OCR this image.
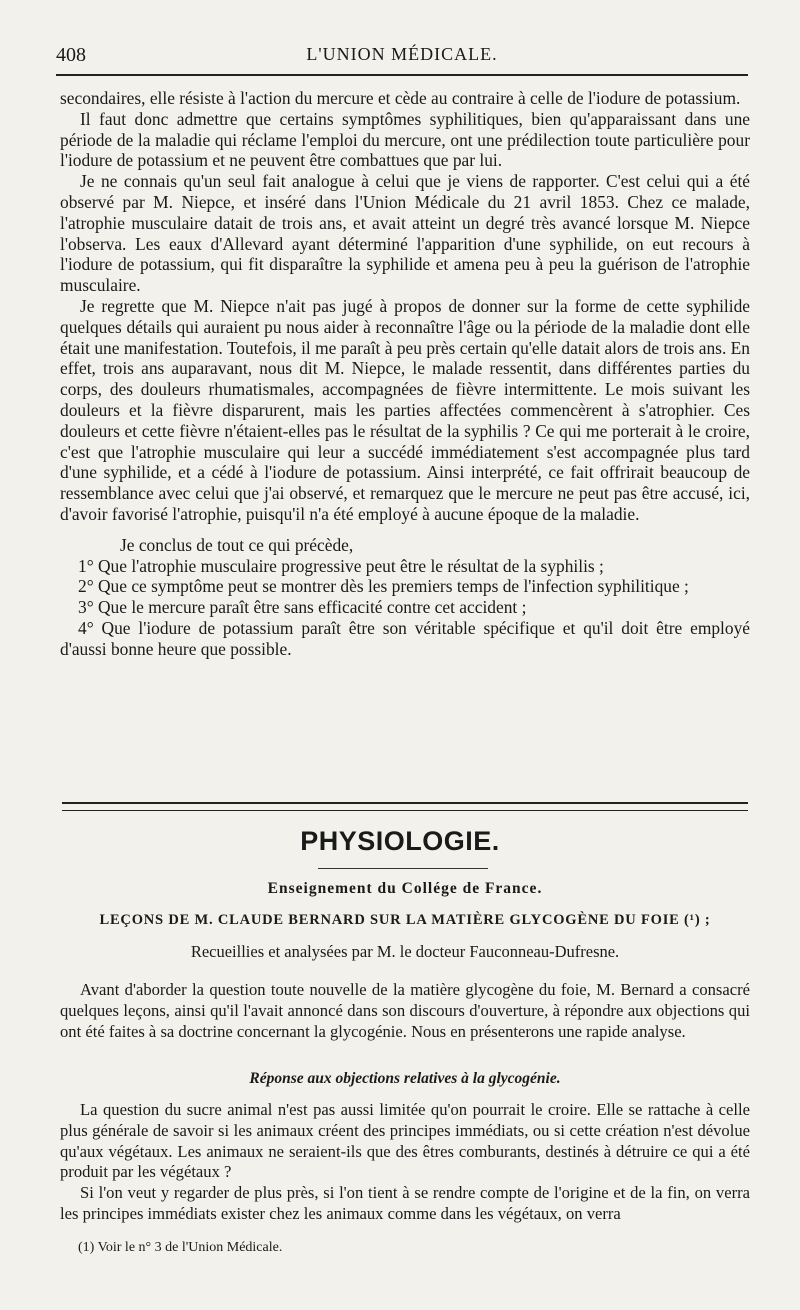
408	L'UNION MÉDICALE.

secondaires, elle résiste à l'action du mercure et cède au contraire à celle de l'iodure de potassium.

Il faut donc admettre que certains symptômes syphilitiques, bien qu'apparaissant dans une période de la maladie qui réclame l'emploi du mercure, ont une prédilection toute particulière pour l'iodure de potassium et ne peuvent être combattues que par lui.

Je ne connais qu'un seul fait analogue à celui que je viens de rapporter. C'est celui qui a été observé par M. Niepce, et inséré dans l'Union Médicale du 21 avril 1853. Chez ce malade, l'atrophie musculaire datait de trois ans, et avait atteint un degré très avancé lorsque M. Niepce l'observa. Les eaux d'Allevard ayant déterminé l'apparition d'une syphilide, on eut recours à l'iodure de potassium, qui fit disparaître la syphilide et amena peu à peu la guérison de l'atrophie musculaire.

Je regrette que M. Niepce n'ait pas jugé à propos de donner sur la forme de cette syphilide quelques détails qui auraient pu nous aider à reconnaître l'âge ou la période de la maladie dont elle était une manifestation. Toutefois, il me paraît à peu près certain qu'elle datait alors de trois ans. En effet, trois ans auparavant, nous dit M. Niepce, le malade ressentit, dans différentes parties du corps, des douleurs rhumatismales, accompagnées de fièvre intermittente. Le mois suivant les douleurs et la fièvre disparurent, mais les parties affectées commencèrent à s'atrophier. Ces douleurs et cette fièvre n'étaient-elles pas le résultat de la syphilis ? Ce qui me porterait à le croire, c'est que l'atrophie musculaire qui leur a succédé immédiatement s'est accompagnée plus tard d'une syphilide, et a cédé à l'iodure de potassium. Ainsi interprété, ce fait offrirait beaucoup de ressemblance avec celui que j'ai observé, et remarquez que le mercure ne peut pas être accusé, ici, d'avoir favorisé l'atrophie, puisqu'il n'a été employé à aucune époque de la maladie.

Je conclus de tout ce qui précède,

1° Que l'atrophie musculaire progressive peut être le résultat de la syphilis ;

2° Que ce symptôme peut se montrer dès les premiers temps de l'infection syphilitique ;

3° Que le mercure paraît être sans efficacité contre cet accident ;

4° Que l'iodure de potassium paraît être son véritable spécifique et qu'il doit être employé d'aussi bonne heure que possible.

PHYSIOLOGIE.
Enseignement du Collége de France.
LEÇONS DE M. CLAUDE BERNARD SUR LA MATIÈRE GLYCOGÈNE DU FOIE (¹) ;
Recueillies et analysées par M. le docteur Fauconneau-Dufresne.

Avant d'aborder la question toute nouvelle de la matière glycogène du foie, M. Bernard a consacré quelques leçons, ainsi qu'il l'avait annoncé dans son discours d'ouverture, à répondre aux objections qui ont été faites à sa doctrine concernant la glycogénie. Nous en présenterons une rapide analyse.

Réponse aux objections relatives à la glycogénie.

La question du sucre animal n'est pas aussi limitée qu'on pourrait le croire. Elle se rattache à celle plus générale de savoir si les animaux créent des principes immédiats, ou si cette création n'est dévolue qu'aux végétaux. Les animaux ne seraient-ils que des êtres comburants, destinés à détruire ce qui a été produit par les végétaux ?

Si l'on veut y regarder de plus près, si l'on tient à se rendre compte de l'origine et de la fin, on verra les principes immédiats exister chez les animaux comme dans les végétaux, on verra

(1) Voir le n° 3 de l'Union Médicale.
